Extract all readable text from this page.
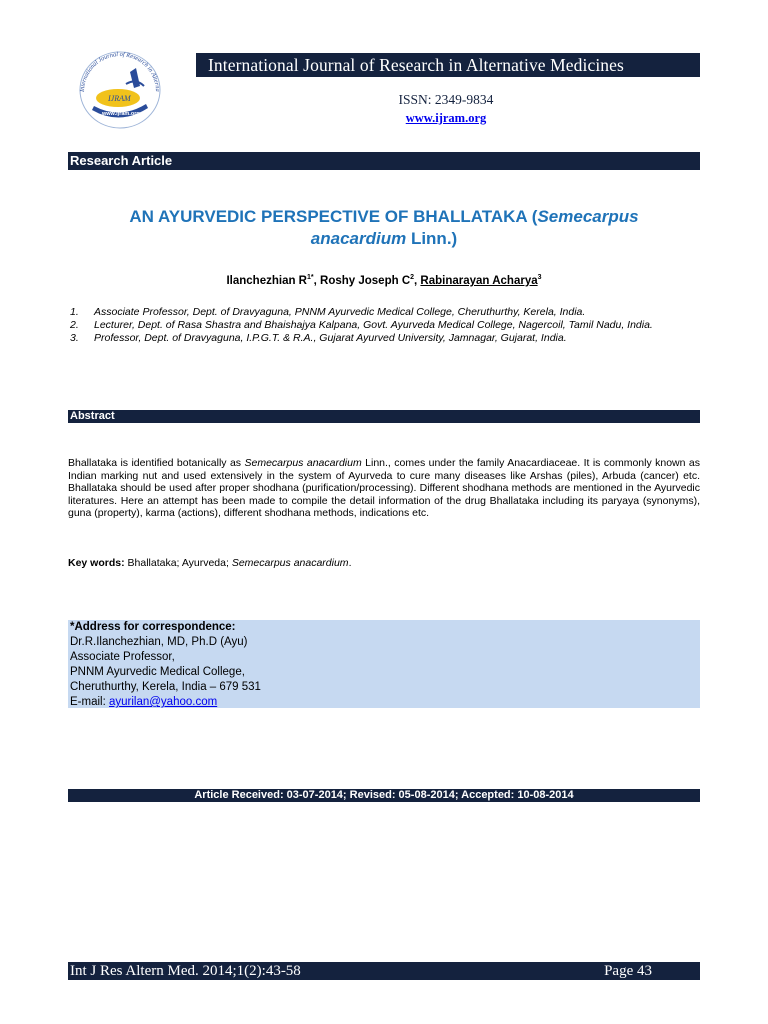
International Journal of Research in Alterna
IJRAM
www.ijram.org
International Journal of Research in Alternative Medicines
ISSN: 2349-9834
www.ijram.org
Research Article
AN AYURVEDIC PERSPECTIVE OF BHALLATAKA (Semecarpus
anacardium Linn.)
Ilanchezhian $R^{1*}$, Roshy Joseph $C^2$, Rabinarayan Acharya$^3$
1. Associate Professor, Dept. of Dravyaguna, PNNM Ayurvedic Medical College, Cheruthurthy, Kerela, India.
2. Lecturer, Dept. of Rasa Shastra and Bhaishajya Kalpana, Govt. Ayurveda Medical College, Nagercoil, Tamil Nadu, India.
3. Professor, Dept. of Dravyaguna, I.P.G.T. & R.A., Gujarat Ayurved University, Jamnagar, Gujarat, India.
Abstract
Bhallataka is identified botanically as Semecarpus anacardium Linn., comes under the family Anacardiaceae. It is commonly known as Indian marking nut and used extensively in the system of Ayurveda to cure many diseases like Arshas (piles), Arbuda (cancer) etc. Bhallataka should be used after proper shodhana (purification/processing). Different shodhana methods are mentioned in the Ayurvedic literatures. Here an attempt has been made to compile the detail information of the drug Bhallataka including its paryaya (synonyms), guna (property), karma (actions), different shodhana methods, indications etc.
Key words: Bhallataka; Ayurveda; Semecarpus anacardium.
*Address for correspondence:
Dr.R.Ilanchezhian, MD, Ph.D (Ayu)
Associate Professor,
PNNM Ayurvedic Medical College,
Cheruthurthy, Kerela, India – 679 531
E-mail: ayurilan@yahoo.com
Article Received: 03-07-2014; Revised: 05-08-2014; Accepted: 10-08-2014
Int J Res Altern Med. 2014;1(2):43-58	Page 43
